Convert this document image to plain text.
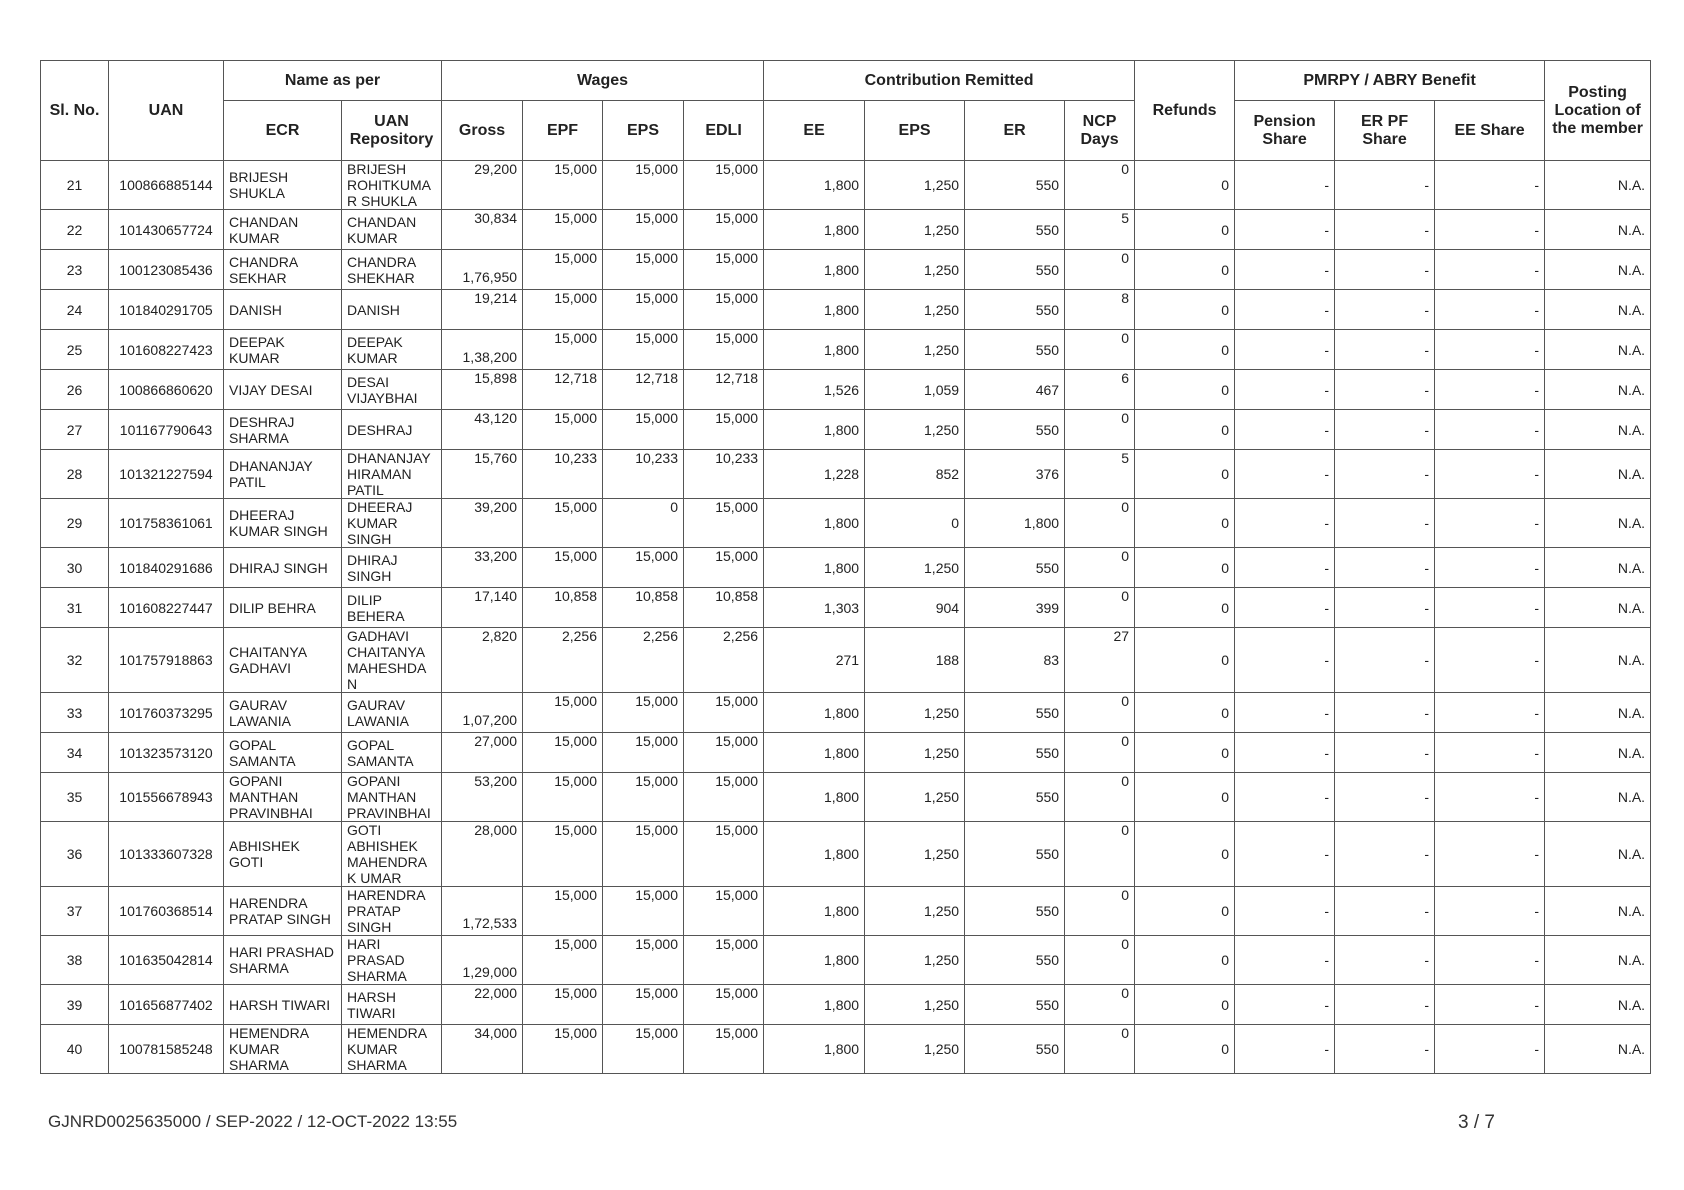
Sl. No.	UAN	Name as per		Wages				Contribution Remitted				Refunds	PMRPY / ABRY Benefit			Posting Location of the member
		ECR	UAN Repository	Gross	EPF	EPS	EDLI	EE	EPS	ER	NCP Days		Pension Share	ER PF Share	EE Share	
21	100866885144	BRIJESH SHUKLA	BRIJESH ROHITKUMA R SHUKLA	29,200	15,000	15,000	15,000	1,800	1,250	550	0	0	-	-	-	N.A.
22	101430657724	CHANDAN KUMAR	CHANDAN KUMAR	30,834	15,000	15,000	15,000	1,800	1,250	550	5	0	-	-	-	N.A.
23	100123085436	CHANDRA SEKHAR	CHANDRA SHEKHAR	1,76,950	15,000	15,000	15,000	1,800	1,250	550	0	0	-	-	-	N.A.
24	101840291705	DANISH	DANISH	19,214	15,000	15,000	15,000	1,800	1,250	550	8	0	-	-	-	N.A.
25	101608227423	DEEPAK KUMAR	DEEPAK KUMAR	1,38,200	15,000	15,000	15,000	1,800	1,250	550	0	0	-	-	-	N.A.
26	100866860620	VIJAY DESAI	DESAI VIJAYBHAI	15,898	12,718	12,718	12,718	1,526	1,059	467	6	0	-	-	-	N.A.
27	101167790643	DESHRAJ SHARMA	DESHRAJ	43,120	15,000	15,000	15,000	1,800	1,250	550	0	0	-	-	-	N.A.
28	101321227594	DHANANJAY PATIL	DHANANJAY HIRAMAN PATIL	15,760	10,233	10,233	10,233	1,228	852	376	5	0	-	-	-	N.A.
29	101758361061	DHEERAJ KUMAR SINGH	DHEERAJ KUMAR SINGH	39,200	15,000	0	15,000	1,800	0	1,800	0	0	-	-	-	N.A.
30	101840291686	DHIRAJ SINGH	DHIRAJ SINGH	33,200	15,000	15,000	15,000	1,800	1,250	550	0	0	-	-	-	N.A.
31	101608227447	DILIP BEHRA	DILIP BEHERA	17,140	10,858	10,858	10,858	1,303	904	399	0	0	-	-	-	N.A.
32	101757918863	CHAITANYA GADHAVI	GADHAVI CHAITANYA MAHESHDAN	2,820	2,256	2,256	2,256	271	188	83	27	0	-	-	-	N.A.
33	101760373295	GAURAV LAWANIA	GAURAV LAWANIA	1,07,200	15,000	15,000	15,000	1,800	1,250	550	0	0	-	-	-	N.A.
34	101323573120	GOPAL SAMANTA	GOPAL SAMANTA	27,000	15,000	15,000	15,000	1,800	1,250	550	0	0	-	-	-	N.A.
35	101556678943	GOPANI MANTHAN PRAVINBHAI	GOPANI MANTHAN PRAVINBHAI	53,200	15,000	15,000	15,000	1,800	1,250	550	0	0	-	-	-	N.A.
36	101333607328	ABHISHEK GOTI	GOTI ABHISHEK MAHENDRAK UMAR	28,000	15,000	15,000	15,000	1,800	1,250	550	0	0	-	-	-	N.A.
37	101760368514	HARENDRA PRATAP SINGH	HARENDRA PRATAP SINGH	1,72,533	15,000	15,000	15,000	1,800	1,250	550	0	0	-	-	-	N.A.
38	101635042814	HARI PRASHAD SHARMA	HARI PRASAD SHARMA	1,29,000	15,000	15,000	15,000	1,800	1,250	550	0	0	-	-	-	N.A.
39	101656877402	HARSH TIWARI	HARSH TIWARI	22,000	15,000	15,000	15,000	1,800	1,250	550	0	0	-	-	-	N.A.
40	100781585248	HEMENDRA KUMAR SHARMA	HEMENDRA KUMAR SHARMA	34,000	15,000	15,000	15,000	1,800	1,250	550	0	0	-	-	-	N.A.
GJNRD0025635000 / SEP-2022 / 12-OCT-2022 13:55	3 / 7
